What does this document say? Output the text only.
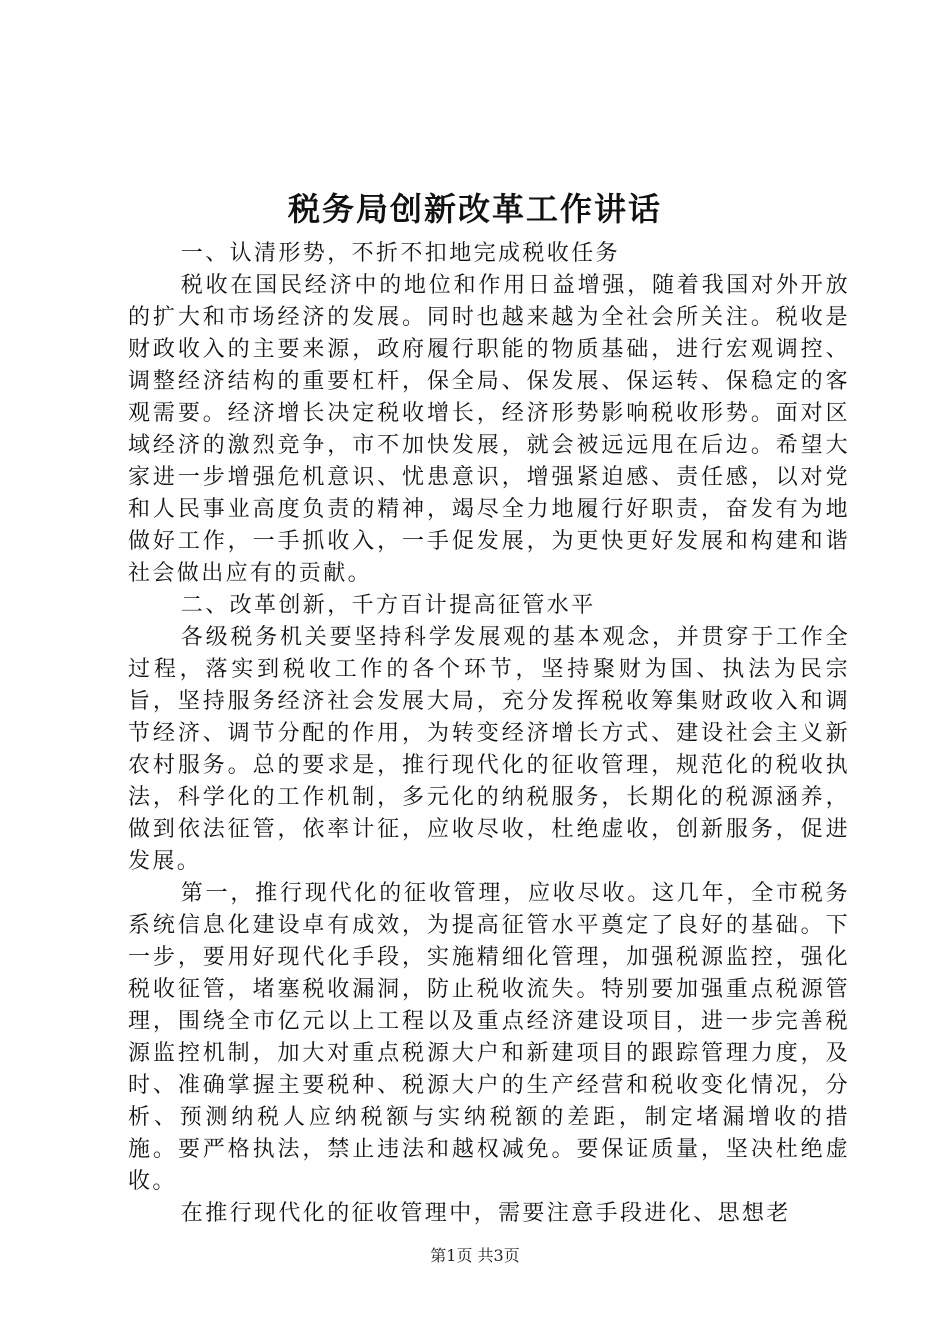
税务局创新改革工作讲话

一、认清形势，不折不扣地完成税收任务

税收在国民经济中的地位和作用日益增强，随着我国对外开放的扩大和市场经济的发展。同时也越来越为全社会所关注。税收是财政收入的主要来源，政府履行职能的物质基础，进行宏观调控、调整经济结构的重要杠杆，保全局、保发展、保运转、保稳定的客观需要。经济增长决定税收增长，经济形势影响税收形势。面对区域经济的激烈竞争，市不加快发展，就会被远远甩在后边。希望大家进一步增强危机意识、忧患意识，增强紧迫感、责任感，以对党和人民事业高度负责的精神，竭尽全力地履行好职责，奋发有为地做好工作，一手抓收入，一手促发展，为更快更好发展和构建和谐社会做出应有的贡献。

二、改革创新，千方百计提高征管水平

各级税务机关要坚持科学发展观的基本观念，并贯穿于工作全过程，落实到税收工作的各个环节，坚持聚财为国、执法为民宗旨，坚持服务经济社会发展大局，充分发挥税收筹集财政收入和调节经济、调节分配的作用，为转变经济增长方式、建设社会主义新农村服务。总的要求是，推行现代化的征收管理，规范化的税收执法，科学化的工作机制，多元化的纳税服务，长期化的税源涵养，做到依法征管，依率计征，应收尽收，杜绝虚收，创新服务，促进发展。

第一，推行现代化的征收管理，应收尽收。这几年，全市税务系统信息化建设卓有成效，为提高征管水平奠定了良好的基础。下一步，要用好现代化手段，实施精细化管理，加强税源监控，强化税收征管，堵塞税收漏洞，防止税收流失。特别要加强重点税源管理，围绕全市亿元以上工程以及重点经济建设项目，进一步完善税源监控机制，加大对重点税源大户和新建项目的跟踪管理力度，及时、准确掌握主要税种、税源大户的生产经营和税收变化情况，分析、预测纳税人应纳税额与实纳税额的差距，制定堵漏增收的措施。要严格执法，禁止违法和越权减免。要保证质量，坚决杜绝虚收。

在推行现代化的征收管理中，需要注意手段进化、思想老

第1页 共3页
